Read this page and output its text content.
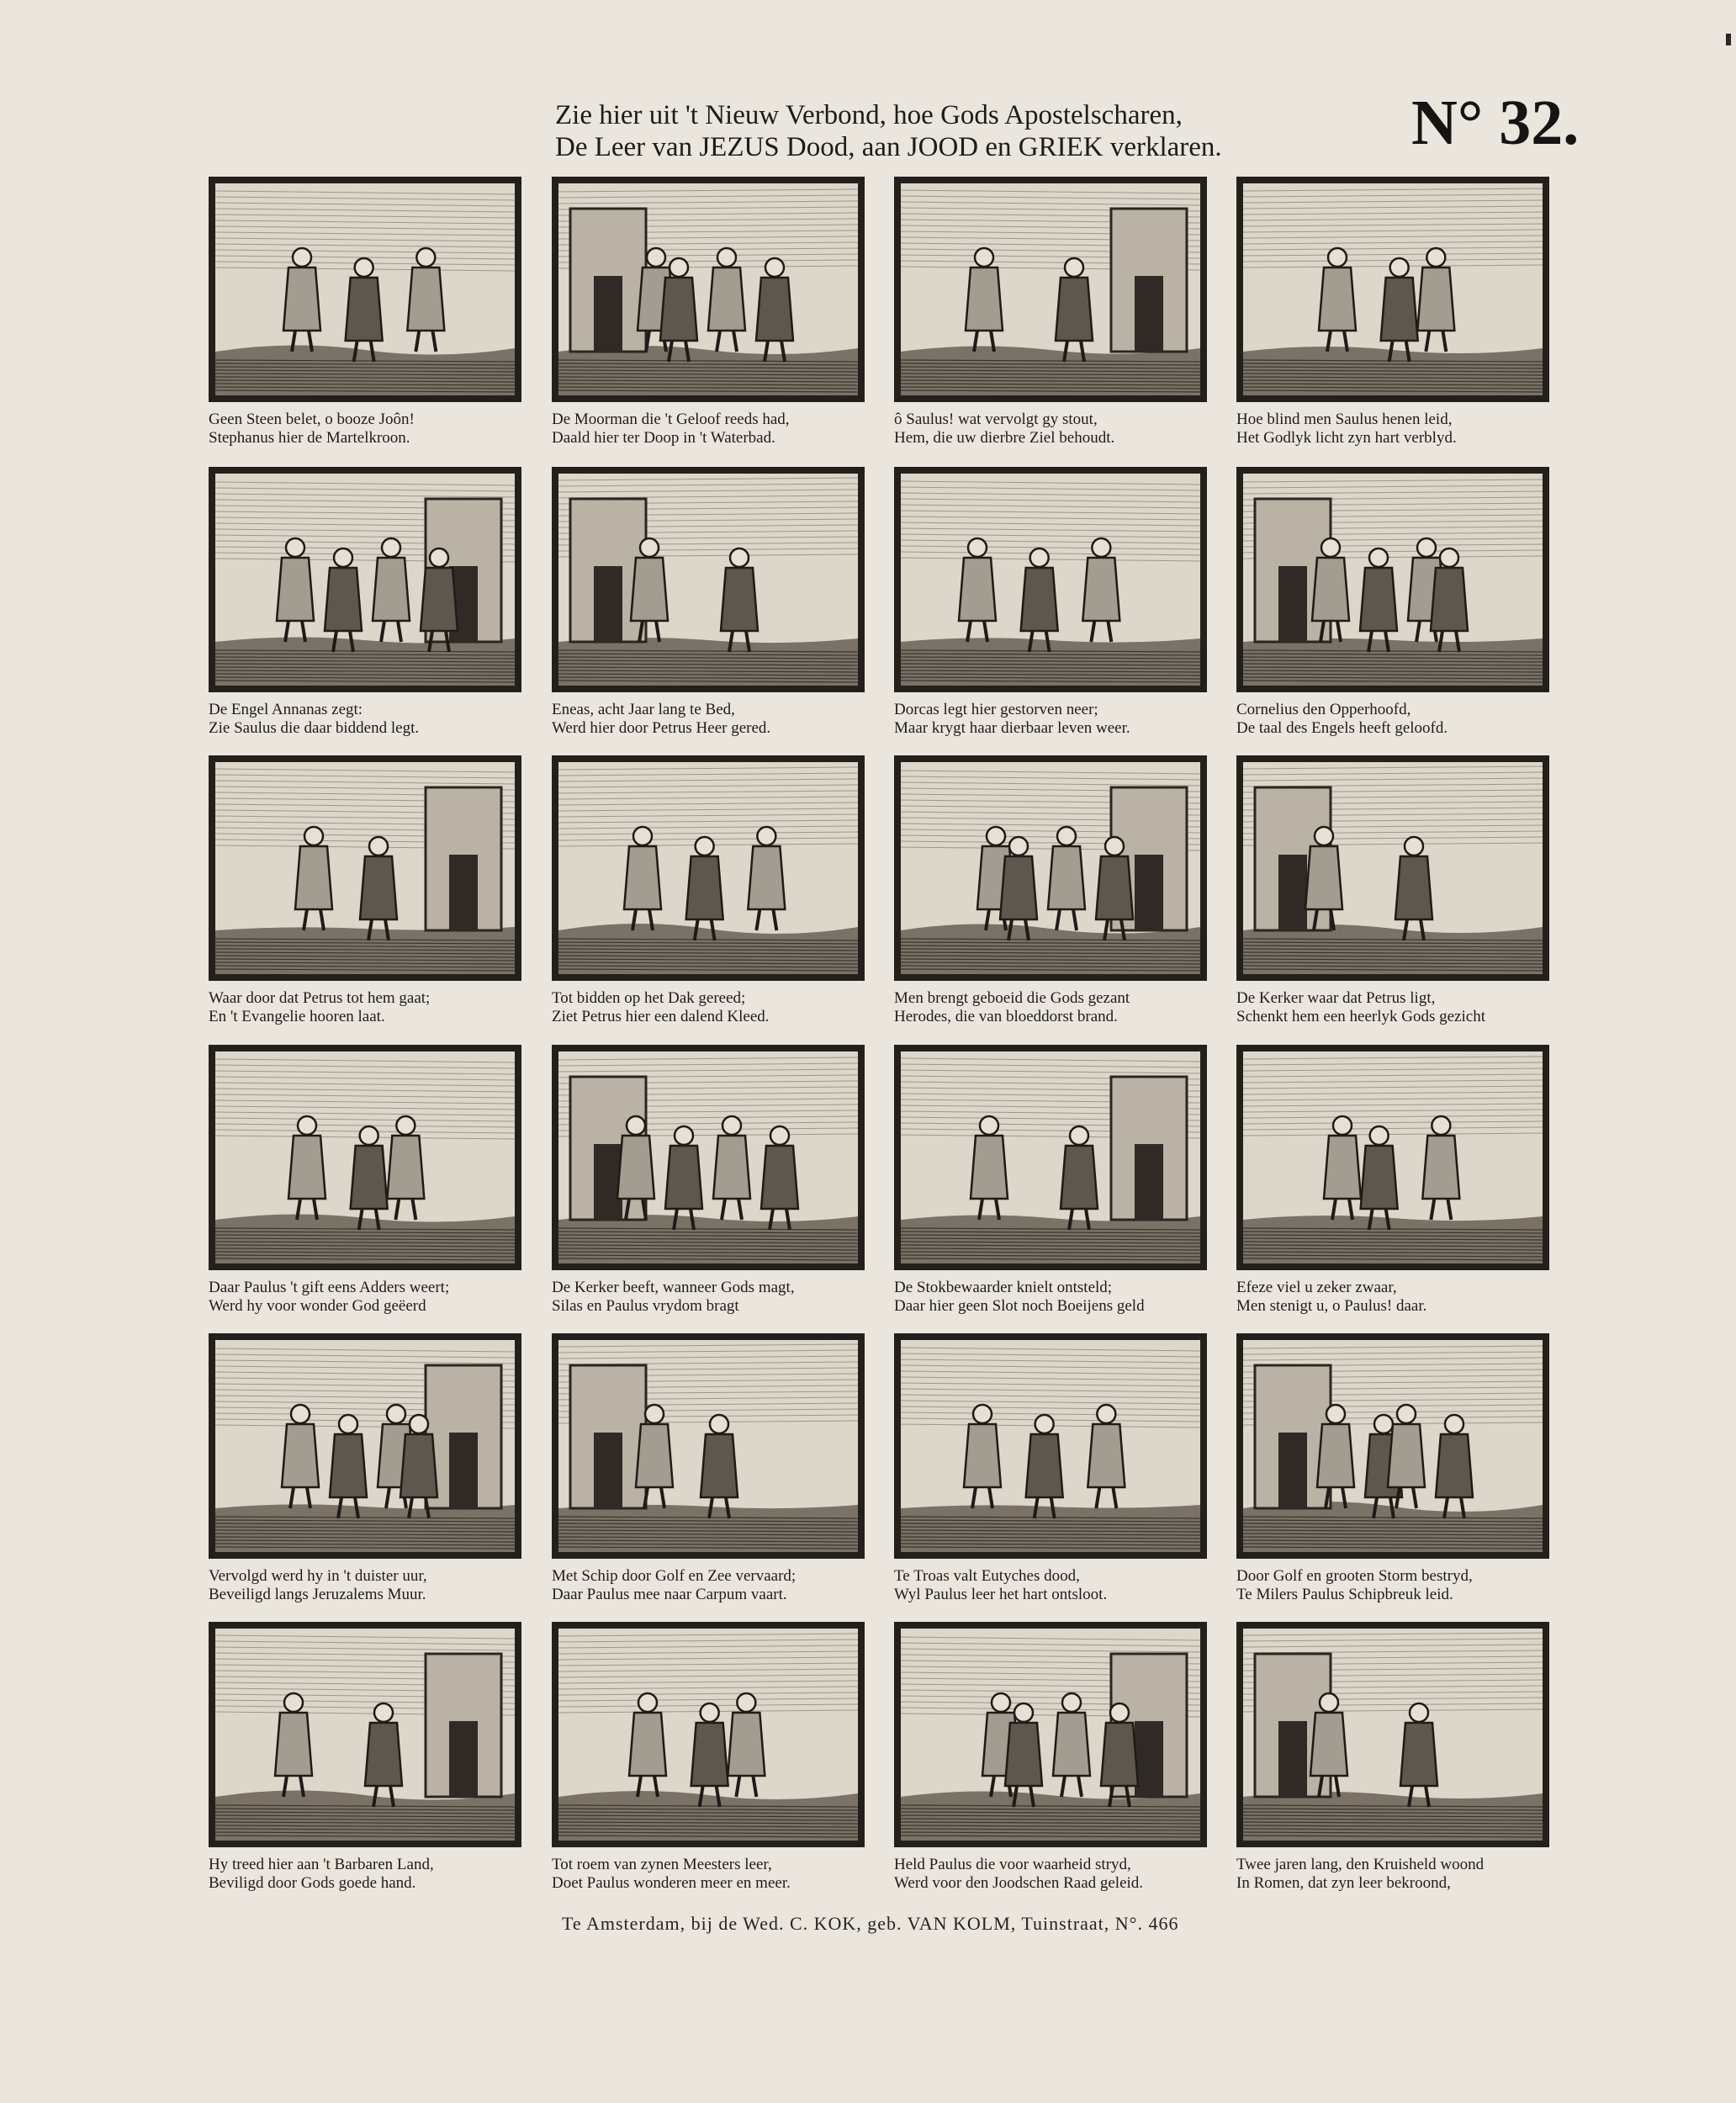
Zie hier uit 't Nieuw Verbond, hoe Gods Apostelscharen,
De Leer van JEZUS Dood, aan JOOD en GRIEK verklaren.	N° 32.
Geen Steen belet, o booze Joôn!
Stephanus hier de Martelkroon.
De Moorman die 't Geloof reeds had,
Daald hier ter Doop in 't Waterbad.
ô Saulus! wat vervolgt gy stout,
Hem, die uw dierbre Ziel behoudt.
Hoe blind men Saulus henen leid,
Het Godlyk licht zyn hart verblyd.
De Engel Annanas zegt:
Zie Saulus die daar biddend legt.
Eneas, acht Jaar lang te Bed,
Werd hier door Petrus Heer gered.
Dorcas legt hier gestorven neer;
Maar krygt haar dierbaar leven weer.
Cornelius den Opperhoofd,
De taal des Engels heeft geloofd.
Waar door dat Petrus tot hem gaat;
En 't Evangelie hooren laat.
Tot bidden op het Dak gereed;
Ziet Petrus hier een dalend Kleed.
Men brengt geboeid die Gods gezant
Herodes, die van bloeddorst brand.
De Kerker waar dat Petrus ligt,
Schenkt hem een heerlyk Gods gezicht
Daar Paulus 't gift eens Adders weert;
Werd hy voor wonder God geëerd
De Kerker beeft, wanneer Gods magt,
Silas en Paulus vrydom bragt
De Stokbewaarder knielt ontsteld;
Daar hier geen Slot noch Boeijens geld
Efeze viel u zeker zwaar,
Men stenigt u, o Paulus! daar.
Vervolgd werd hy in 't duister uur,
Beveiligd langs Jeruzalems Muur.
Met Schip door Golf en Zee vervaard;
Daar Paulus mee naar Carpum vaart.
Te Troas valt Eutyches dood,
Wyl Paulus leer het hart ontsloot.
Door Golf en grooten Storm bestryd,
Te Milers Paulus Schipbreuk leid.
Hy treed hier aan 't Barbaren Land,
Beviligd door Gods goede hand.
Tot roem van zynen Meesters leer,
Doet Paulus wonderen meer en meer.
Held Paulus die voor waarheid stryd,
Werd voor den Joodschen Raad geleid.
Twee jaren lang, den Kruisheld woond
In Romen, dat zyn leer bekroond,
Te Amsterdam, bij de Wed. C. KOK, geb. VAN KOLM, Tuinstraat, N°. 466
